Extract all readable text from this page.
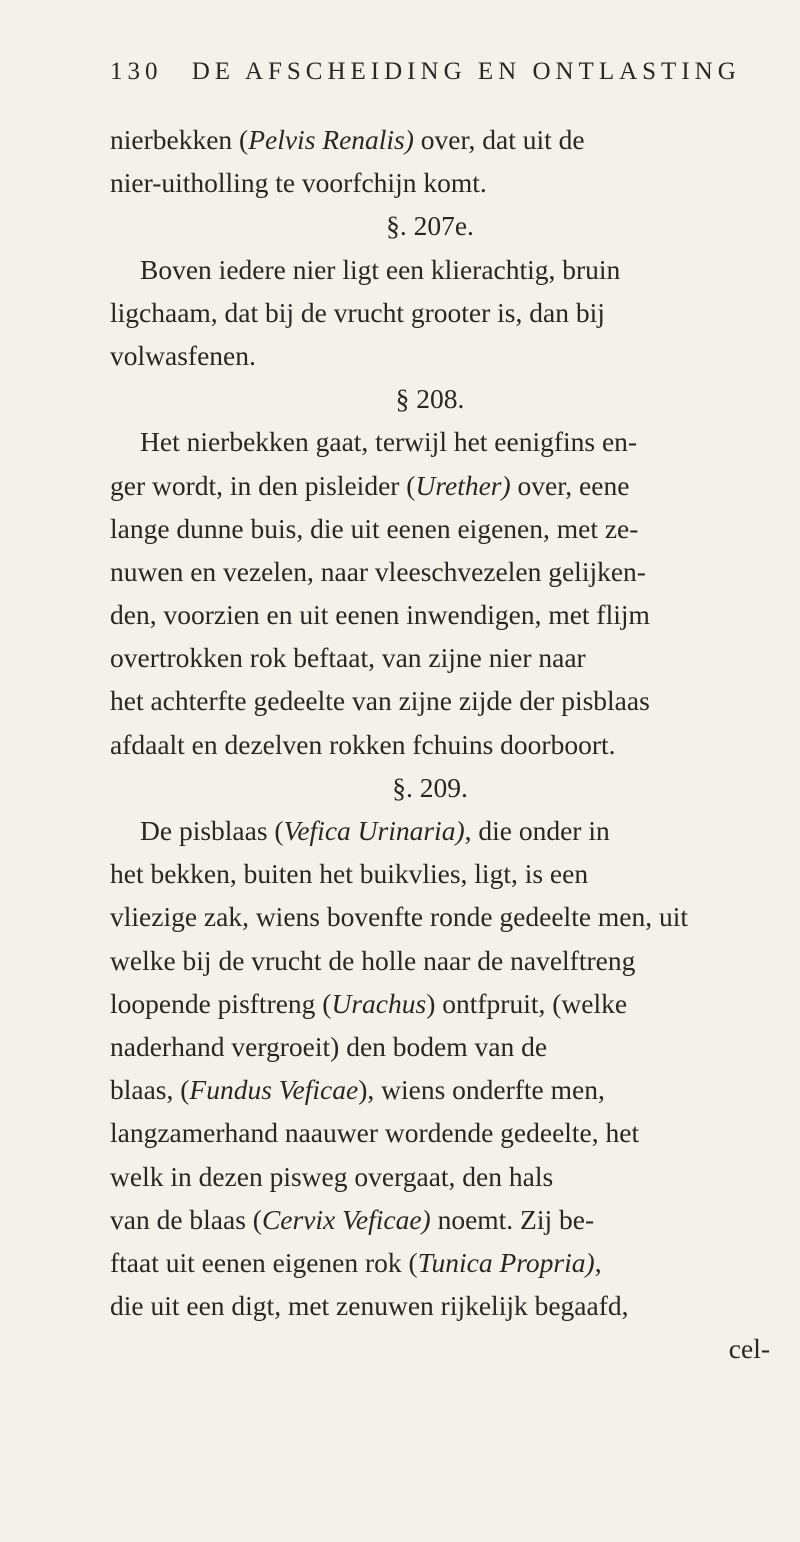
130 DE AFSCHEIDING EN ONTLASTING
nierbekken (Pelvis Renalis) over, dat uit de
nier-uitholling te voorfchijn komt.
§. 207e.
Boven iedere nier ligt een klierachtig, bruin
ligchaam, dat bij de vrucht grooter is, dan bij
volwasfenen.
§ 208.
Het nierbekken gaat, terwijl het eenigfins en-
ger wordt, in den pisleider (Urether) over, eene
lange dunne buis, die uit eenen eigenen, met ze-
nuwen en vezelen, naar vleeschvezelen gelijken-
den, voorzien en uit eenen inwendigen, met flijm
overtrokken rok beftaat, van zijne nier naar
het achterfte gedeelte van zijne zijde der pisblaas
afdaalt en dezelven rokken fchuins doorboort.
§. 209.
De pisblaas (Vefica Urinaria), die onder in
het bekken, buiten het buikvlies, ligt, is een
vliezige zak, wiens bovenfte ronde gedeelte men, uit
welke bij de vrucht de holle naar de navelftreng
loopende pisftreng (Urachus) ontfpruit, (welke
naderhand vergroeit) den bodem van de
blaas, (Fundus Veficae), wiens onderfte men,
langzamerhand naauwer wordende gedeelte, het
welk in dezen pisweg overgaat, den hals
van de blaas (Cervix Veficae) noemt. Zij be-
ftaat uit eenen eigenen rok (Tunica Propria),
die uit een digt, met zenuwen rijkelijk begaafd,
cel-
